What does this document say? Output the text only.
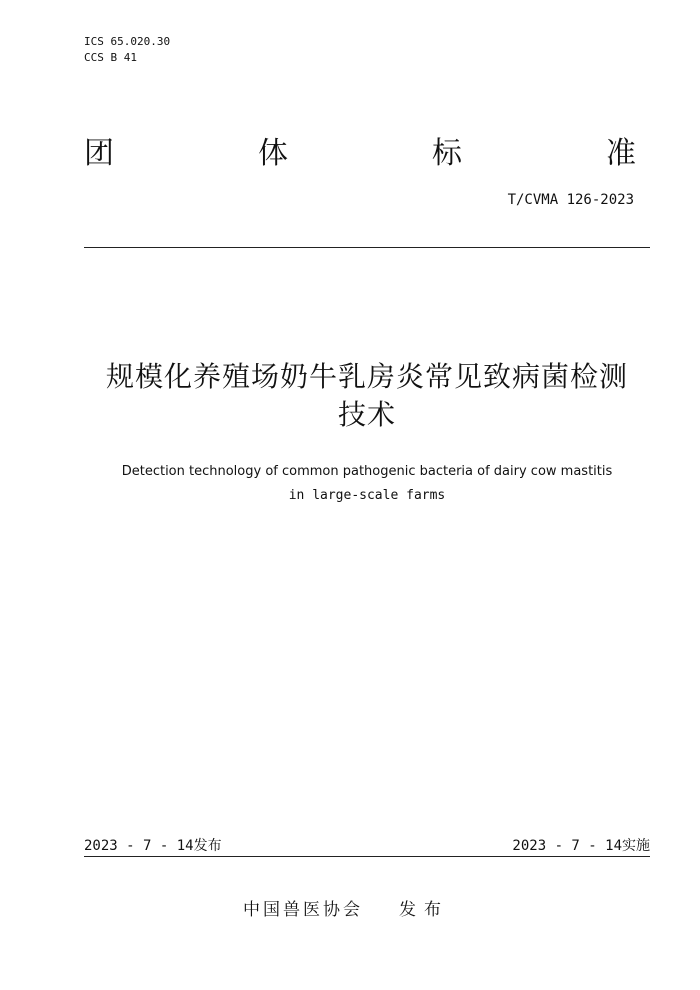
ICS 65.020.30
CCS B 41
团	体	标	准
T/CVMA 126-2023
规模化养殖场奶牛乳房炎常见致病菌检测
技术
Detection technology of common pathogenic bacteria of dairy cow mastitis
in large-scale farms
2023 - 7 - 14发布	2023 - 7 - 14实施
中国兽医协会 发布
